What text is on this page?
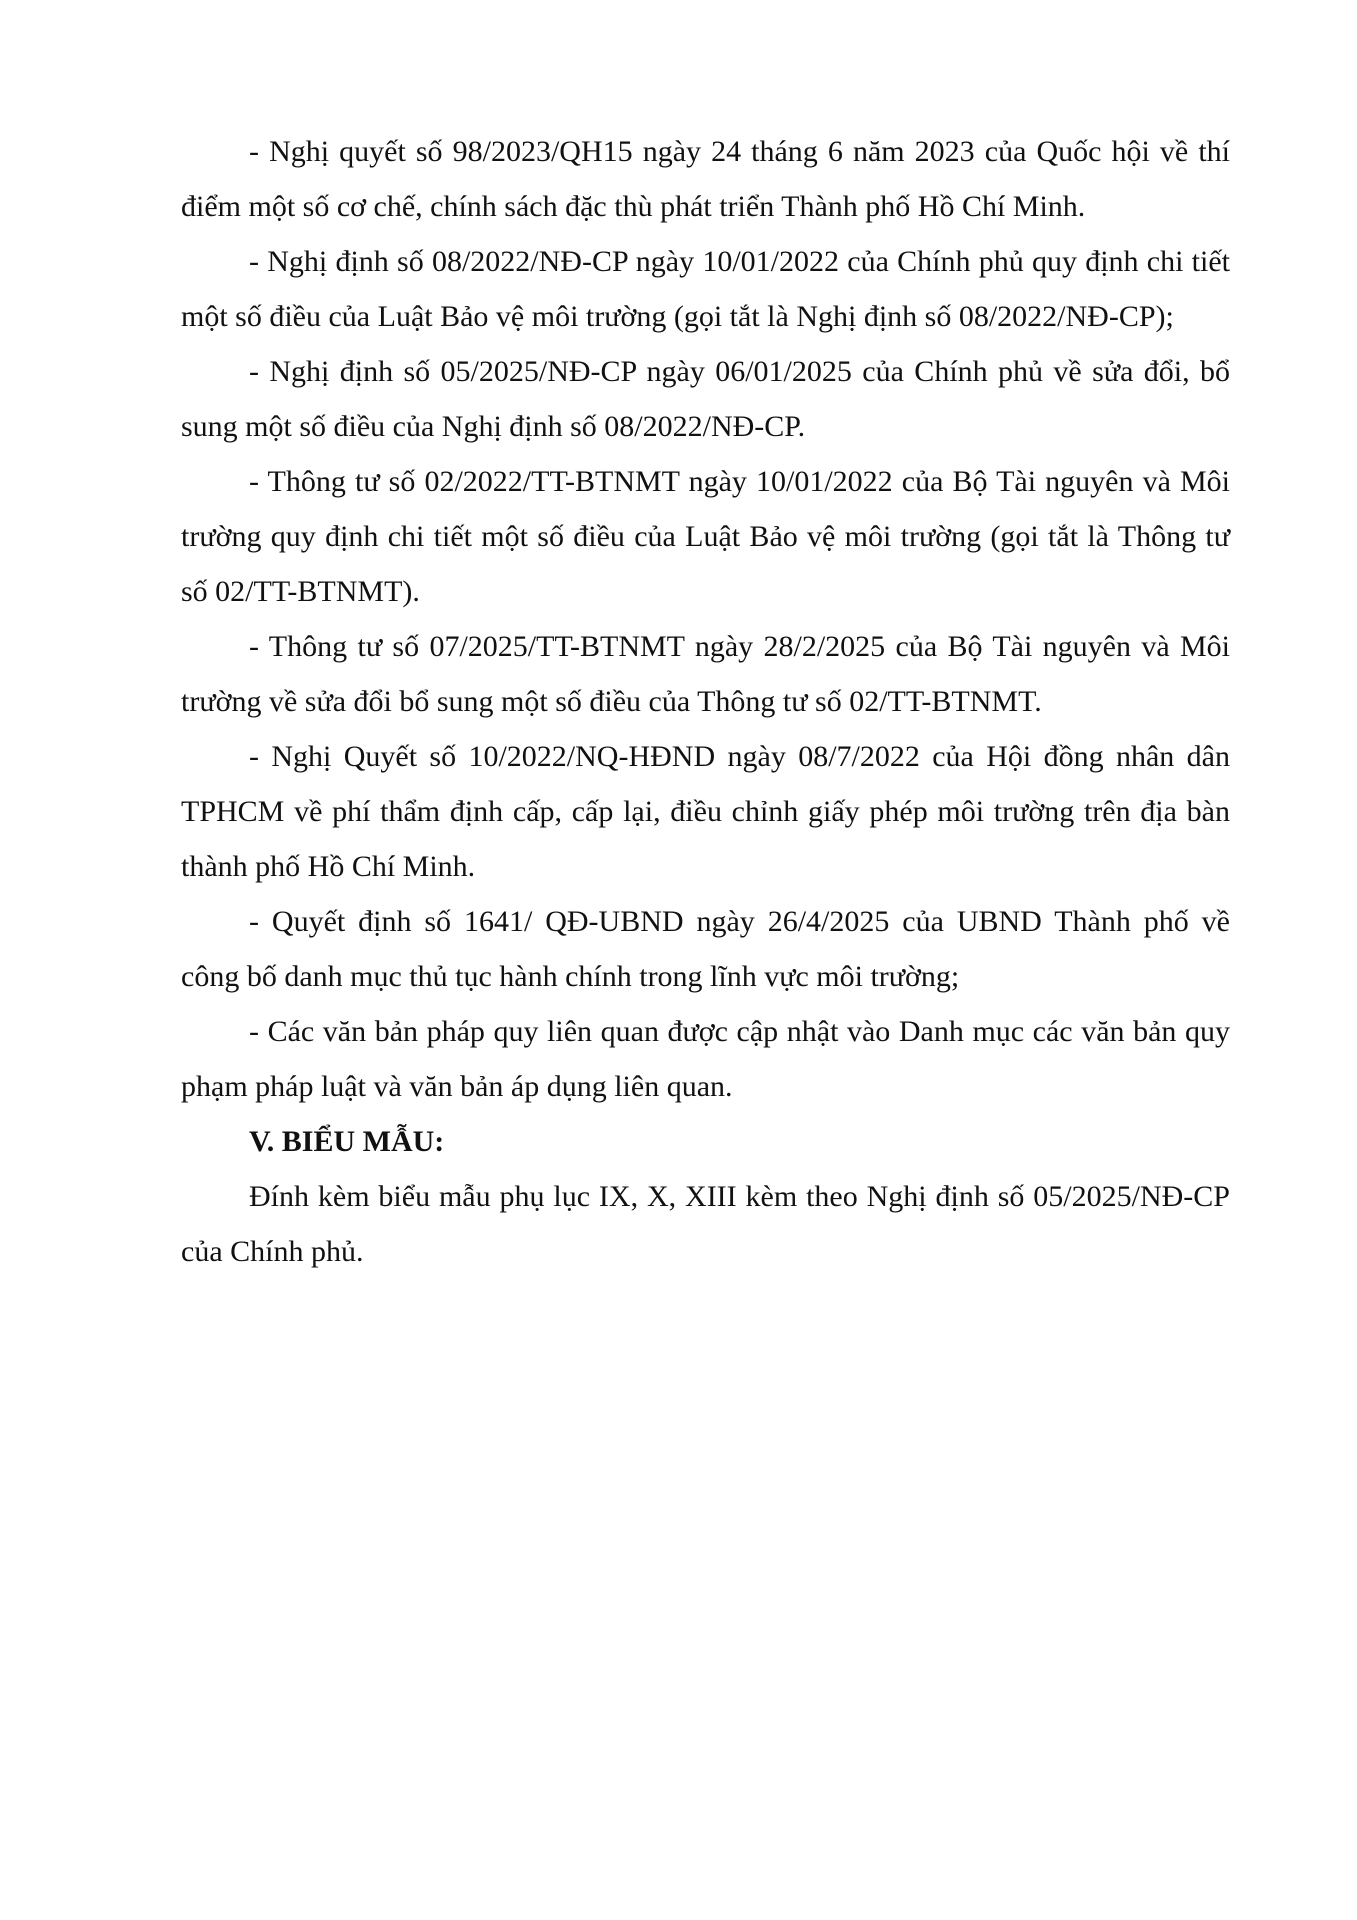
- Nghị quyết số 98/2023/QH15 ngày 24 tháng 6 năm 2023 của Quốc hội về thí điểm một số cơ chế, chính sách đặc thù phát triển Thành phố Hồ Chí Minh.

- Nghị định số 08/2022/NĐ-CP ngày 10/01/2022 của Chính phủ quy định chi tiết một số điều của Luật Bảo vệ môi trường (gọi tắt là Nghị định số 08/2022/NĐ-CP);

- Nghị định số 05/2025/NĐ-CP ngày 06/01/2025 của Chính phủ về sửa đổi, bổ sung một số điều của Nghị định số 08/2022/NĐ-CP.

- Thông tư số 02/2022/TT-BTNMT ngày 10/01/2022 của Bộ Tài nguyên và Môi trường quy định chi tiết một số điều của Luật Bảo vệ môi trường (gọi tắt là Thông tư số 02/TT-BTNMT).

- Thông tư số 07/2025/TT-BTNMT ngày 28/2/2025 của Bộ Tài nguyên và Môi trường về sửa đổi bổ sung một số điều của Thông tư số 02/TT-BTNMT.

- Nghị Quyết số 10/2022/NQ-HĐND ngày 08/7/2022 của Hội đồng nhân dân TPHCM về phí thẩm định cấp, cấp lại, điều chỉnh giấy phép môi trường trên địa bàn thành phố Hồ Chí Minh.

- Quyết định số 1641/ QĐ-UBND ngày 26/4/2025 của UBND Thành phố về công bố danh mục thủ tục hành chính trong lĩnh vực môi trường;

- Các văn bản pháp quy liên quan được cập nhật vào Danh mục các văn bản quy phạm pháp luật và văn bản áp dụng liên quan.

V. BIỂU MẪU:

Đính kèm biểu mẫu phụ lục IX, X, XIII kèm theo Nghị định số 05/2025/NĐ-CP của Chính phủ.
